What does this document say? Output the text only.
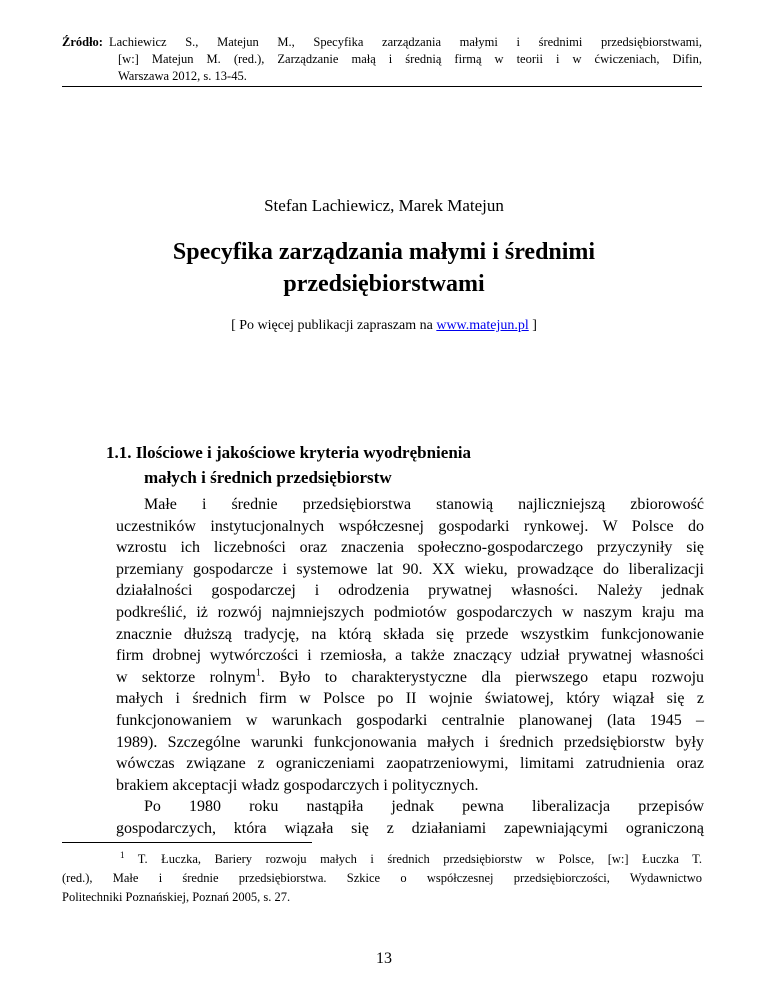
Źródło: Lachiewicz S., Matejun M., Specyfika zarządzania małymi i średnimi przedsiębiorstwami,
[w:] Matejun M. (red.), Zarządzanie małą i średnią firmą w teorii i w ćwiczeniach, Difin,
Warszawa 2012, s. 13-45.
Stefan Lachiewicz, Marek Matejun
Specyfika zarządzania małymi i średnimi
przedsiębiorstwami
[ Po więcej publikacji zapraszam na www.matejun.pl ]
1.1. Ilościowe i jakościowe kryteria wyodrębnienia
małych i średnich przedsiębiorstw
Małe i średnie przedsiębiorstwa stanowią najliczniejszą zbiorowość
uczestników instytucjonalnych współczesnej gospodarki rynkowej. W Polsce do
wzrostu ich liczebności oraz znaczenia społeczno-gospodarczego przyczyniły się
przemiany gospodarcze i systemowe lat 90. XX wieku, prowadzące do liberalizacji
działalności gospodarczej i odrodzenia prywatnej własności. Należy jednak
podkreślić, iż rozwój najmniejszych podmiotów gospodarczych w naszym kraju ma
znacznie dłuższą tradycję, na którą składa się przede wszystkim funkcjonowanie
firm drobnej wytwórczości i rzemiosła, a także znaczący udział prywatnej własności
w sektorze rolnym$^1$. Było to charakterystyczne dla pierwszego etapu rozwoju
małych i średnich firm w Polsce po II wojnie światowej, który wiązał się z
funkcjonowaniem w warunkach gospodarki centralnie planowanej (lata 1945 –
1989). Szczególne warunki funkcjonowania małych i średnich przedsiębiorstw były
wówczas związane z ograniczeniami zaopatrzeniowymi, limitami zatrudnienia oraz
brakiem akceptacji władz gospodarczych i politycznych.
Po 1980 roku nastąpiła jednak pewna liberalizacja przepisów
gospodarczych, która wiązała się z działaniami zapewniającymi ograniczoną
$^1$ T. Łuczka, Bariery rozwoju małych i średnich przedsiębiorstw w Polsce, [w:] Łuczka T.
(red.), Małe i średnie przedsiębiorstwa. Szkice o współczesnej przedsiębiorczości, Wydawnictwo
Politechniki Poznańskiej, Poznań 2005, s. 27.
13
